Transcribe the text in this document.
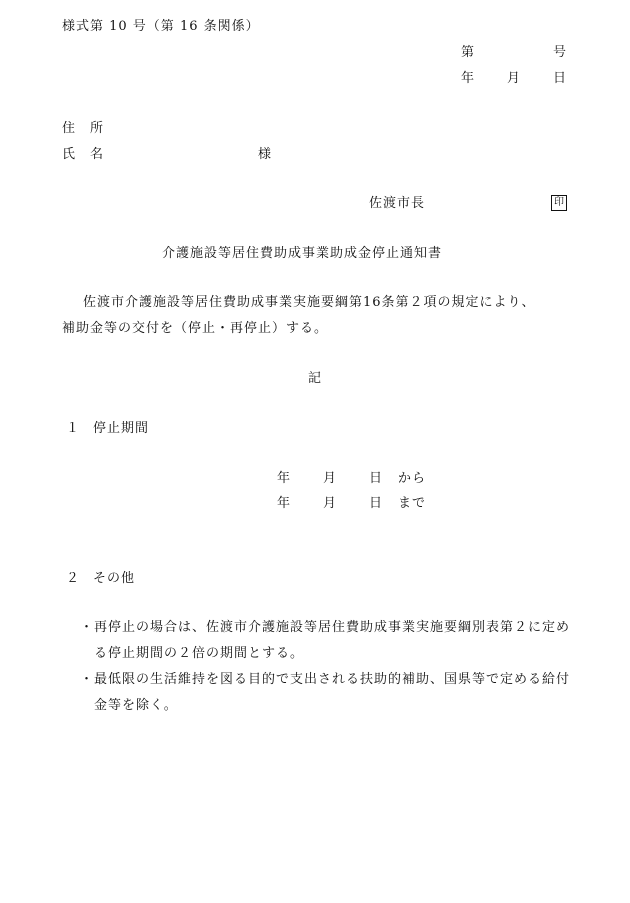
様式第 10 号（第 16 条関係）
第	号
年 月 日
住　所
氏　名	様
佐渡市長	印
介護施設等居住費助成事業助成金停止通知書
佐渡市介護施設等居住費助成事業実施要綱第16条第２項の規定により、
補助金等の交付を（停止・再停止）する。
記
１ 停止期間
年 月 日 から
年 月 日 まで
２ その他
・ 再停止の場合は、佐渡市介護施設等居住費助成事業実施要綱別表第２に定める停止期間の２倍の期間とする。
・ 最低限の生活維持を図る目的で支出される扶助的補助、国県等で定める給付金等を除く。
